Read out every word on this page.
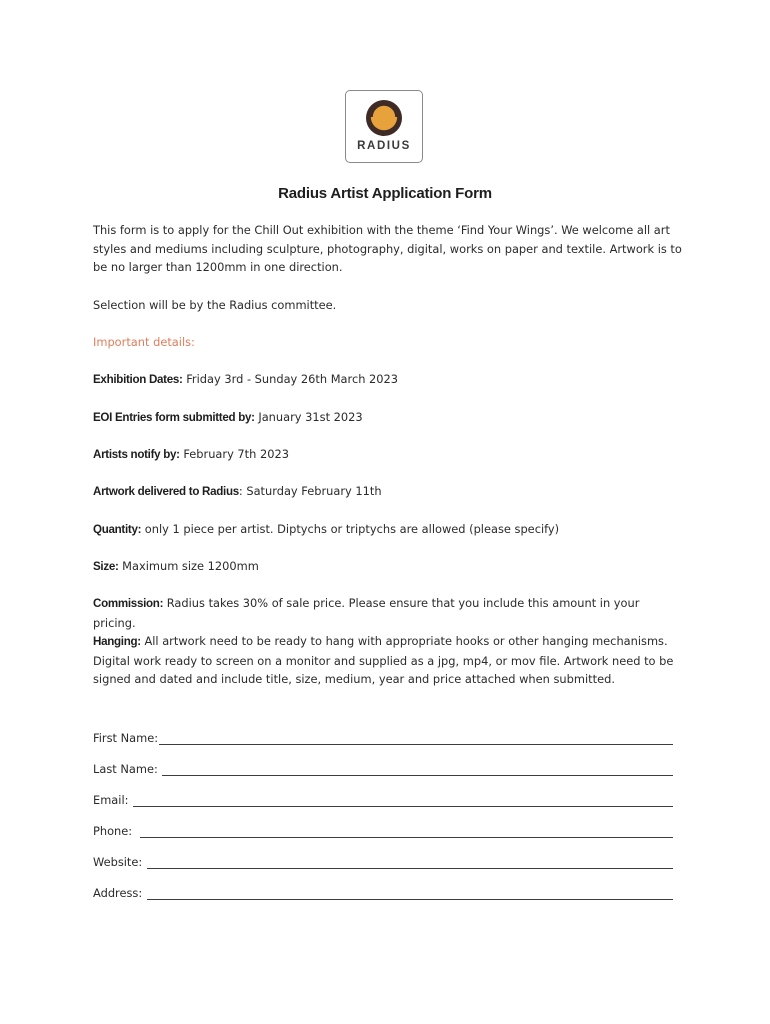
RADIUS
Radius Artist Application Form

This form is to apply for the Chill Out exhibition with the theme ‘Find Your Wings’. We welcome all art styles and mediums including sculpture, photography, digital, works on paper and textile. Artwork is to be no larger than 1200mm in one direction.

Selection will be by the Radius committee.

Important details:

Exhibition Dates: Friday 3rd - Sunday 26th March 2023

EOI Entries form submitted by: January 31st 2023

Artists notify by: February 7th 2023

Artwork delivered to Radius: Saturday February 11th

Quantity: only 1 piece per artist. Diptychs or triptychs are allowed (please specify)

Size: Maximum size 1200mm

Commission: Radius takes 30% of sale price. Please ensure that you include this amount in your pricing.

Hanging: All artwork need to be ready to hang with appropriate hooks or other hanging mechanisms. Digital work ready to screen on a monitor and supplied as a jpg, mp4, or mov file. Artwork need to be signed and dated and include title, size, medium, year and price attached when submitted.

First Name:
Last Name:
Email:
Phone:
Website:
Address:
